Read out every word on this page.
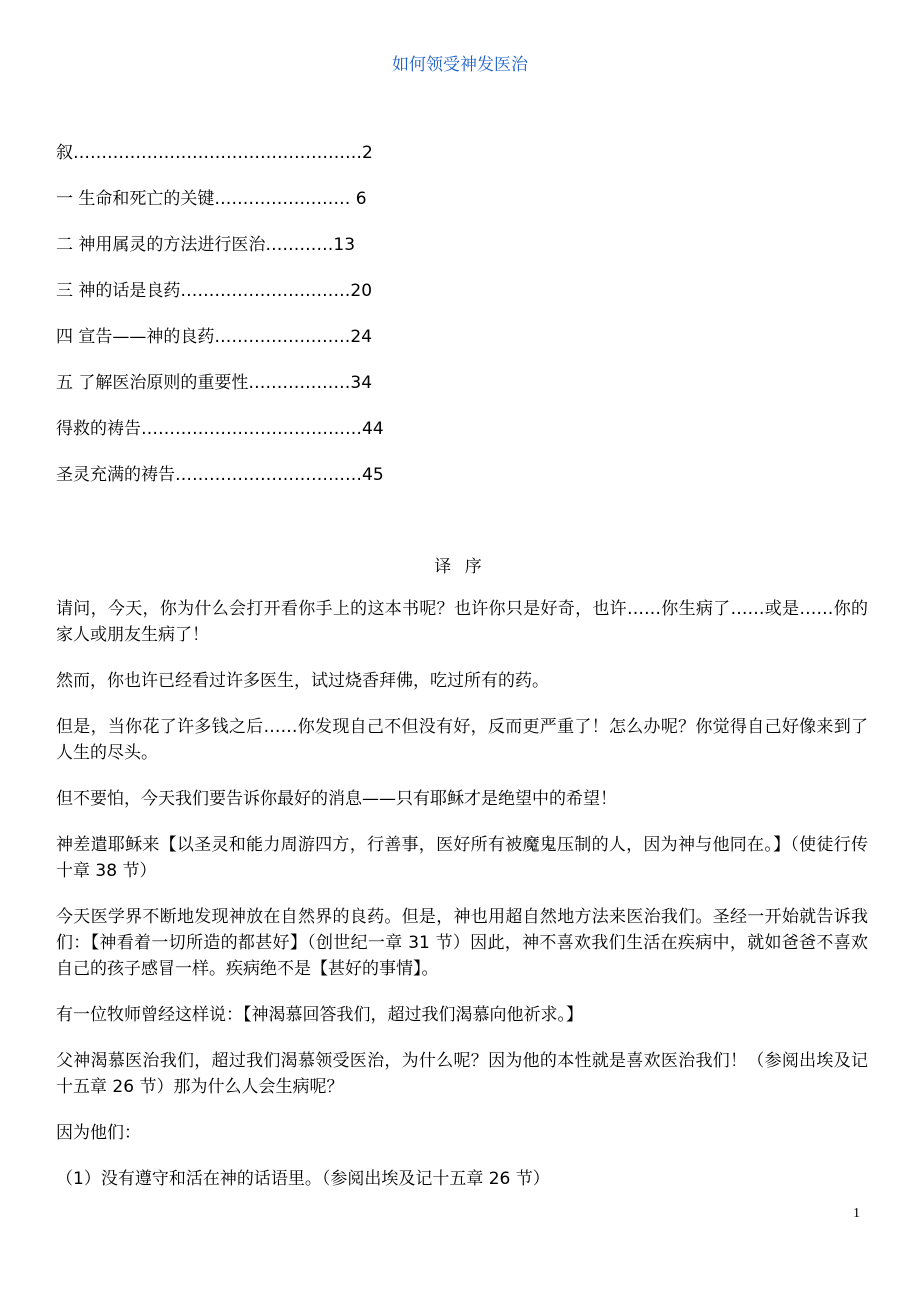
如何领受神发医治
叙……………………………………………2
一 生命和死亡的关键…………………… 6
二 神用属灵的方法进行医治…………13
三 神的话是良药…………………………20
四 宣告——神的良药……………………24
五 了解医治原则的重要性………………34
得救的祷告…………………………………44
圣灵充满的祷告……………………………45
译 序

请问，今天，你为什么会打开看你手上的这本书呢？也许你只是好奇，也许……你生病了……或是……你的家人或朋友生病了！

然而，你也许已经看过许多医生，试过烧香拜佛，吃过所有的药。

但是，当你花了许多钱之后……你发现自己不但没有好，反而更严重了！怎么办呢？你觉得自己好像来到了人生的尽头。

但不要怕，今天我们要告诉你最好的消息——只有耶稣才是绝望中的希望！

神差遣耶稣来【以圣灵和能力周游四方，行善事，医好所有被魔鬼压制的人，因为神与他同在。】（使徒行传十章 38 节）

今天医学界不断地发现神放在自然界的良药。但是，神也用超自然地方法来医治我们。圣经一开始就告诉我们：【神看着一切所造的都甚好】（创世纪一章 31 节）因此，神不喜欢我们生活在疾病中，就如爸爸不喜欢自己的孩子感冒一样。疾病绝不是【甚好的事情】。

有一位牧师曾经这样说：【神渴慕回答我们，超过我们渴慕向他祈求。】

父神渴慕医治我们，超过我们渴慕领受医治，为什么呢？因为他的本性就是喜欢医治我们！（参阅出埃及记十五章 26 节）那为什么人会生病呢？

因为他们：

（1）没有遵守和活在神的话语里。（参阅出埃及记十五章 26 节）

1
